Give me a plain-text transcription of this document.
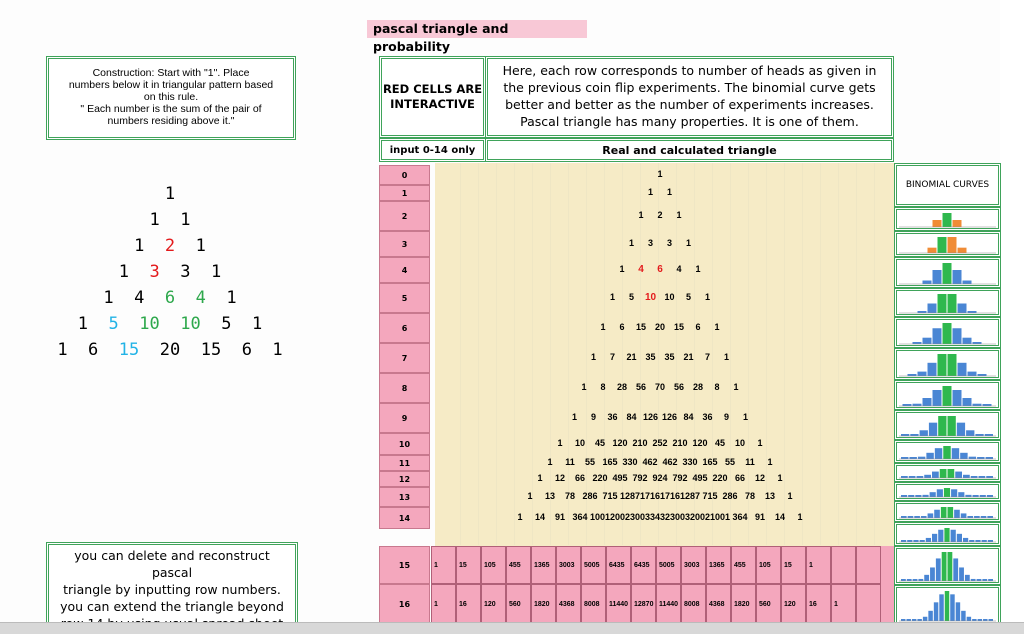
pascal triangle and probability
Construction: Start with "1". Place
numbers below it in triangular pattern based
on this rule.
" Each number is the sum of the pair of
numbers residing above it."
1
1 1
1 2 1
1 3 3 1
1 4 6 4 1
1 5 10 10 5 1
1 6 15 20 15 6 1
you can delete and reconstruct pascal
triangle by inputting row numbers.
you can extend the triangle beyond
RED CELLS ARE INTERACTIVE
Here, each row corresponds to number of heads as given in the previous coin flip experiments. The binomial curve gets better and better as the number of experiments increases. Pascal triangle has many properties. It is one of them.
input 0-14 only	Real and calculated triangle
0	1
1	1	1
2	1	2	1
3	1	3	3	1
4	1	4	6	4	1
5	1	5	10 10	5	1
6	1	6	15 20 15	6	1
7	1	7	21 35 35 21	7	1
8	1	8	28 56 70 56 28	8	1
9	1	9	36 84 126 126 84 36	9	1
10	1	10	45 120 210 252 210 120 45	10	1
11	1	11	55 165 330 462 462 330 165 55	11	1
12	1	12	66 220 495 792 924 792 495 220 66	12	1
13	1	13	78 286 715 1287 1716 1716 1287 715 286 78	13	1
14	1	14	91 364 1001 2002 3003 3432 3003 2002 1001 364 91	14	1
15	1	15	105	455	1365	3003	5005	6435	6435	5005	3003	1365	455	105	15	1
16	1	16	120	560	1820	4368	8008	11440 12870 11440 8008	4368	1820	560	120	16	1
BINOMIAL CURVES
